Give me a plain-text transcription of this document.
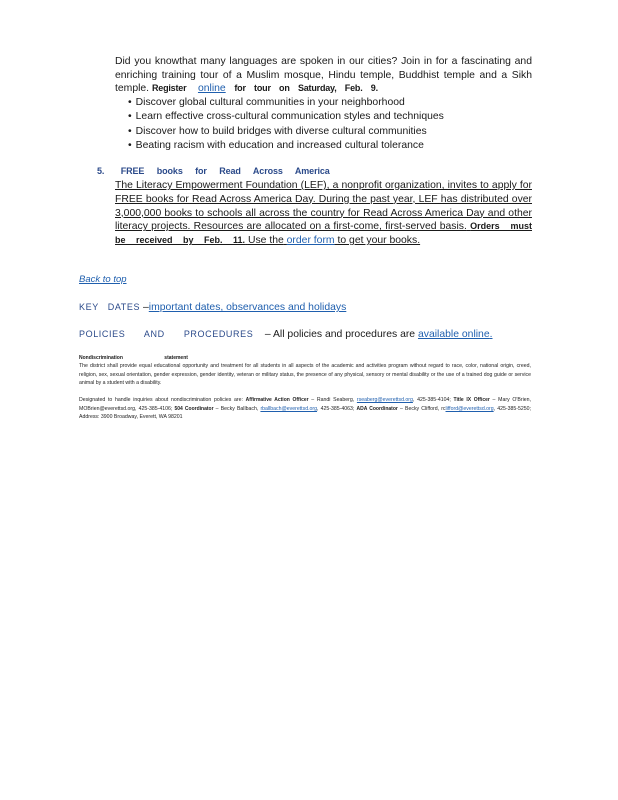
Did you knowthat many languages are spoken in our cities? Join in for a fascinating and enriching training tour of a Muslim mosque, Hindu temple, Buddhist temple and a Sikh temple. Register online for tour on Saturday, Feb. 9.
• Discover global cultural communities in your neighborhood
• Learn effective cross-cultural communication styles and techniques
• Discover how to build bridges with diverse cultural communities
• Beating racism with education and increased cultural tolerance
5. FREE books for Read Across America
The Literacy Empowerment Foundation (LEF), a nonprofit organization, invites to apply for FREE books for Read Across America Day. During the past year, LEF has distributed over 3,000,000 books to schools all across the country for Read Across America Day and other literacy projects. Resources are allocated on a first-come, first-served basis. Orders must be received by Feb. 11. Use the order form to get your books.
Back to top
KEY DATES –important dates, observances and holidays
POLICIES AND PROCEDURES – All policies and procedures are available online.
Nondiscrimination	statement
The district shall provide equal educational opportunity and treatment for all students in all aspects of the academic and activities program without regard to race, color, national origin, creed, religion, sex, sexual orientation, gender expression, gender identity, veteran or military status, the presence of any physical, sensory or mental disability or the use of a trained dog guide or service animal by a student with a disability.
Designated to handle inquiries about nondiscrimination policies are: Affirmative Action Officer – Randi Seaberg, rseaberg@everettsd.org, 425-385-4104; Title IX Officer – Mary O'Brien, MOBrien@everettsd.org, 425-385-4106; 504 Coordinator – Becky Ballbach, rballbach@everettsd.org, 425-385-4063; ADA Coordinator – Becky Clifford, rclifford@everettsd.org, 425-385-5250; Address: 3900 Broadway, Everett, WA 98201
